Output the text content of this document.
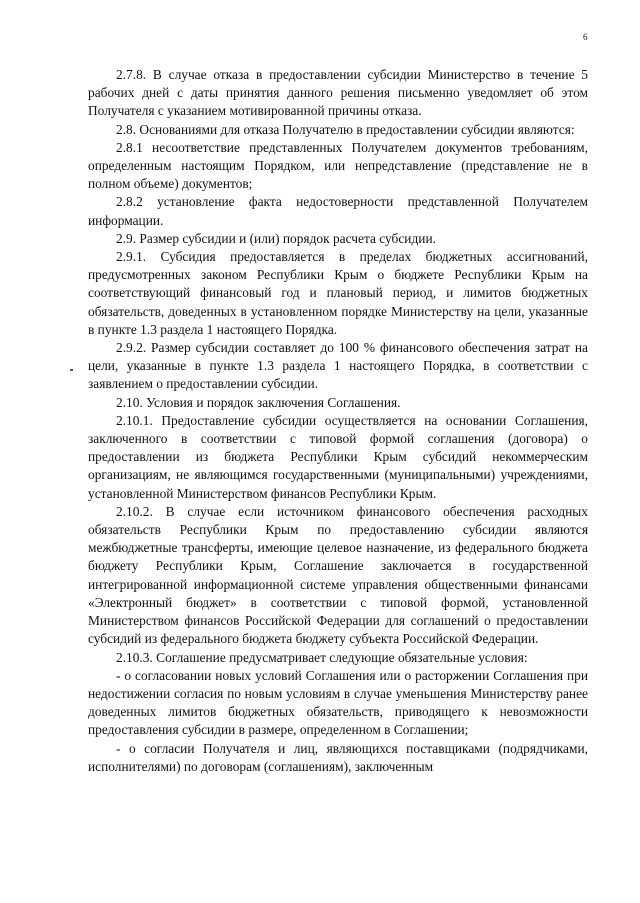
6

2.7.8. В случае отказа в предоставлении субсидии Министерство в течение 5 рабочих дней с даты принятия данного решения письменно уведомляет об этом Получателя с указанием мотивированной причины отказа.

2.8. Основаниями для отказа Получателю в предоставлении субсидии являются:

2.8.1 несоответствие представленных Получателем документов требованиям, определенным настоящим Порядком, или непредставление (представление не в полном объеме) документов;

2.8.2 установление факта недостоверности представленной Получателем информации.

2.9. Размер субсидии и (или) порядок расчета субсидии.

2.9.1. Субсидия предоставляется в пределах бюджетных ассигнований, предусмотренных законом Республики Крым о бюджете Республики Крым на соответствующий финансовый год и плановый период, и лимитов бюджетных обязательств, доведенных в установленном порядке Министерству на цели, указанные в пункте 1.3 раздела 1 настоящего Порядка.

2.9.2. Размер субсидии составляет до 100 % финансового обеспечения затрат на цели, указанные в пункте 1.3 раздела 1 настоящего Порядка, в соответствии с заявлением о предоставлении субсидии.

2.10. Условия и порядок заключения Соглашения.

2.10.1. Предоставление субсидии осуществляется на основании Соглашения, заключенного в соответствии с типовой формой соглашения (договора) о предоставлении из бюджета Республики Крым субсидий некоммерческим организациям, не являющимся государственными (муниципальными) учреждениями, установленной Министерством финансов Республики Крым.

2.10.2. В случае если источником финансового обеспечения расходных обязательств Республики Крым по предоставлению субсидии являются межбюджетные трансферты, имеющие целевое назначение, из федерального бюджета бюджету Республики Крым, Соглашение заключается в государственной интегрированной информационной системе управления общественными финансами «Электронный бюджет» в соответствии с типовой формой, установленной Министерством финансов Российской Федерации для соглашений о предоставлении субсидий из федерального бюджета бюджету субъекта Российской Федерации.

2.10.3. Соглашение предусматривает следующие обязательные условия:

- о согласовании новых условий Соглашения или о расторжении Соглашения при недостижении согласия по новым условиям в случае уменьшения Министерству ранее доведенных лимитов бюджетных обязательств, приводящего к невозможности предоставления субсидии в размере, определенном в Соглашении;

- о согласии Получателя и лиц, являющихся поставщиками (подрядчиками, исполнителями) по договорам (соглашениям), заключенным
